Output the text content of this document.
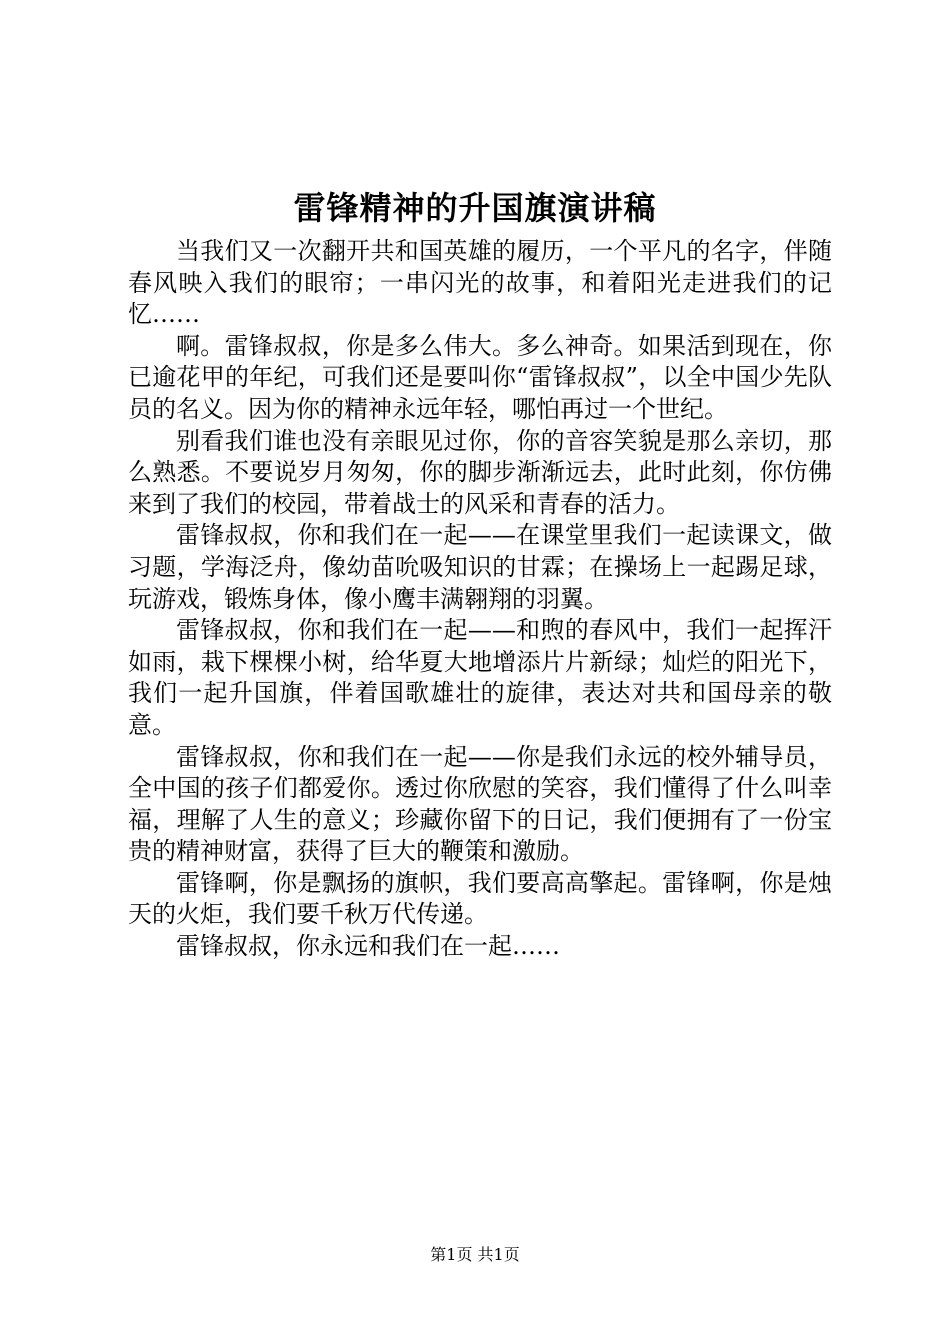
雷锋精神的升国旗演讲稿

当我们又一次翻开共和国英雄的履历，一个平凡的名字，伴随春风映入我们的眼帘；一串闪光的故事，和着阳光走进我们的记忆……

啊。雷锋叔叔，你是多么伟大。多么神奇。如果活到现在，你已逾花甲的年纪，可我们还是要叫你“雷锋叔叔”，以全中国少先队员的名义。因为你的精神永远年轻，哪怕再过一个世纪。

别看我们谁也没有亲眼见过你，你的音容笑貌是那么亲切，那么熟悉。不要说岁月匆匆，你的脚步渐渐远去，此时此刻，你仿佛来到了我们的校园，带着战士的风采和青春的活力。

雷锋叔叔，你和我们在一起——在课堂里我们一起读课文，做习题，学海泛舟，像幼苗吮吸知识的甘霖；在操场上一起踢足球，玩游戏，锻炼身体，像小鹰丰满翱翔的羽翼。

雷锋叔叔，你和我们在一起——和煦的春风中，我们一起挥汗如雨，栽下棵棵小树，给华夏大地增添片片新绿；灿烂的阳光下，我们一起升国旗，伴着国歌雄壮的旋律，表达对共和国母亲的敬意。

雷锋叔叔，你和我们在一起——你是我们永远的校外辅导员，全中国的孩子们都爱你。透过你欣慰的笑容，我们懂得了什么叫幸福，理解了人生的意义；珍藏你留下的日记，我们便拥有了一份宝贵的精神财富，获得了巨大的鞭策和激励。

雷锋啊，你是飘扬的旗帜，我们要高高擎起。雷锋啊，你是烛天的火炬，我们要千秋万代传递。

雷锋叔叔，你永远和我们在一起……

第1页 共1页
